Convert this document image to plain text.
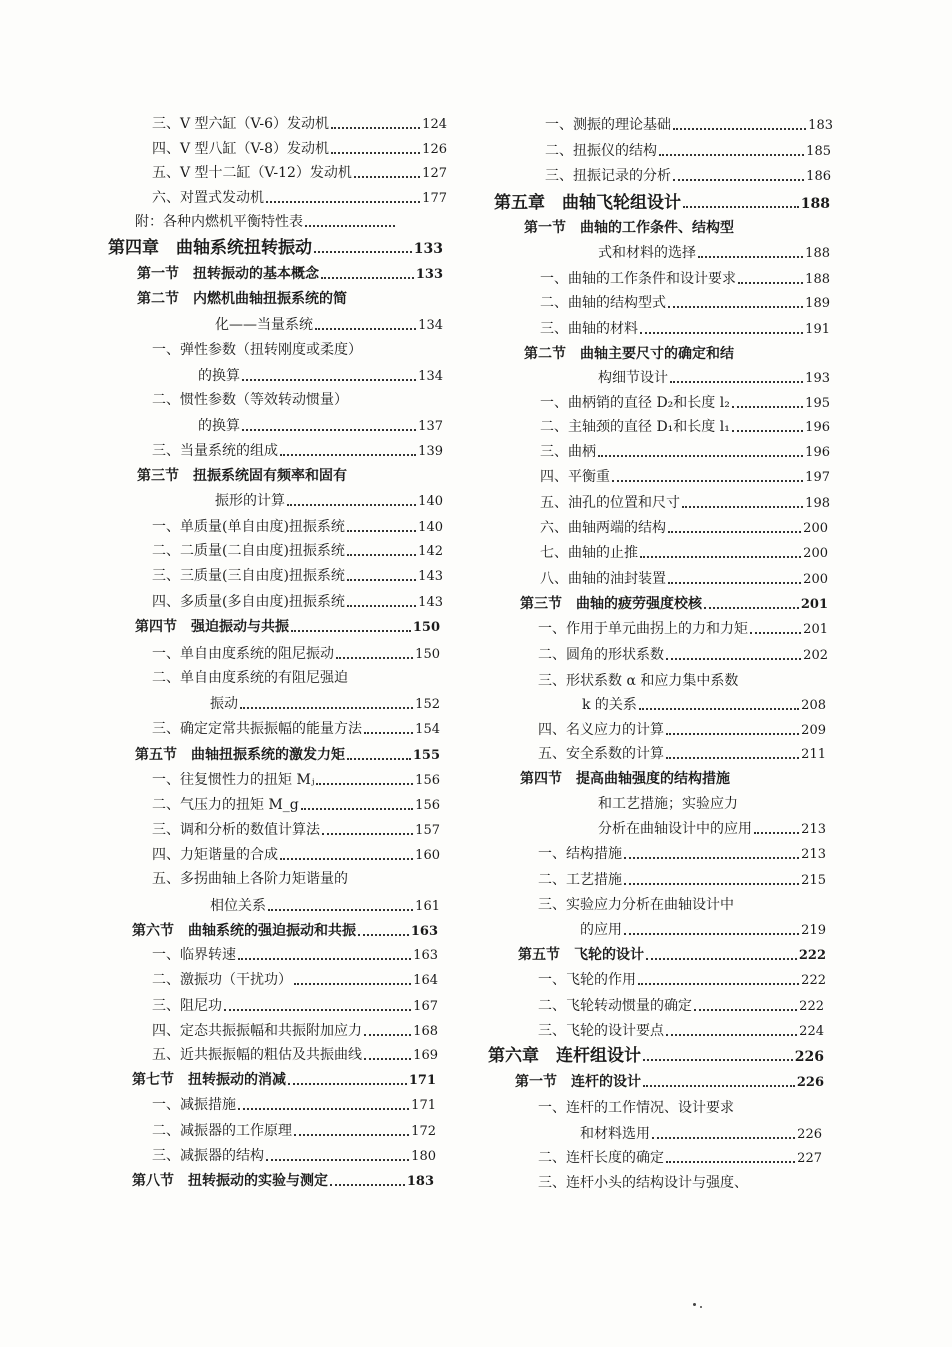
三、V 型六缸（V-6）发动机	124
四、V 型八缸（V-8）发动机	126
五、V 型十二缸（V-12）发动机	127
六、对置式发动机	177
附：各种内燃机平衡特性表
第四章　曲轴系统扭转振动	133
第一节　扭转振动的基本概念	133
第二节　内燃机曲轴扭振系统的简
化——当量系统	134
一、弹性参数（扭转刚度或柔度）
的换算	134
二、惯性参数（等效转动惯量）
的换算	137
三、当量系统的组成	139
第三节　扭振系统固有频率和固有
振形的计算	140
一、单质量(单自由度)扭振系统	140
二、二质量(二自由度)扭振系统	142
三、三质量(三自由度)扭振系统	143
四、多质量(多自由度)扭振系统	143
第四节　强迫振动与共振	150
一、单自由度系统的阻尼振动	150
二、单自由度系统的有阻尼强迫
振动	152
三、确定定常共振振幅的能量方法	154
第五节　曲轴扭振系统的激发力矩	155
一、往复惯性力的扭矩 Mⱼ	156
二、气压力的扭矩 M_g	156
三、调和分析的数值计算法	157
四、力矩谐量的合成	160
五、多拐曲轴上各阶力矩谐量的
相位关系	161
第六节　曲轴系统的强迫振动和共振	163
一、临界转速	163
二、激振功（干扰功）	164
三、阻尼功	167
四、定态共振振幅和共振附加应力	168
五、近共振振幅的粗估及共振曲线	169
第七节　扭转振动的消减	171
一、减振措施	171
二、减振器的工作原理	172
三、减振器的结构	180
第八节　扭转振动的实验与测定	183
一、测振的理论基础	183
二、扭振仪的结构	185
三、扭振记录的分析	186
第五章　曲轴飞轮组设计	188
第一节　曲轴的工作条件、结构型
式和材料的选择	188
一、曲轴的工作条件和设计要求	188
二、曲轴的结构型式	189
三、曲轴的材料	191
第二节　曲轴主要尺寸的确定和结
构细节设计	193
一、曲柄销的直径 D₂和长度 l₂	195
二、主轴颈的直径 D₁和长度 l₁	196
三、曲柄	196
四、平衡重	197
五、油孔的位置和尺寸	198
六、曲轴两端的结构	200
七、曲轴的止推	200
八、曲轴的油封装置	200
第三节　曲轴的疲劳强度校核	201
一、作用于单元曲拐上的力和力矩	201
二、圆角的形状系数	202
三、形状系数 α 和应力集中系数
k 的关系	208
四、名义应力的计算	209
五、安全系数的计算	211
第四节　提高曲轴强度的结构措施
和工艺措施；实验应力
分析在曲轴设计中的应用	213
一、结构措施	213
二、工艺措施	215
三、实验应力分析在曲轴设计中
的应用	219
第五节　飞轮的设计	222
一、飞轮的作用	222
二、飞轮转动惯量的确定	222
三、飞轮的设计要点	224
第六章　连杆组设计	226
第一节　连杆的设计	226
一、连杆的工作情况、设计要求
和材料选用	226
二、连杆长度的确定	227
三、连杆小头的结构设计与强度、
